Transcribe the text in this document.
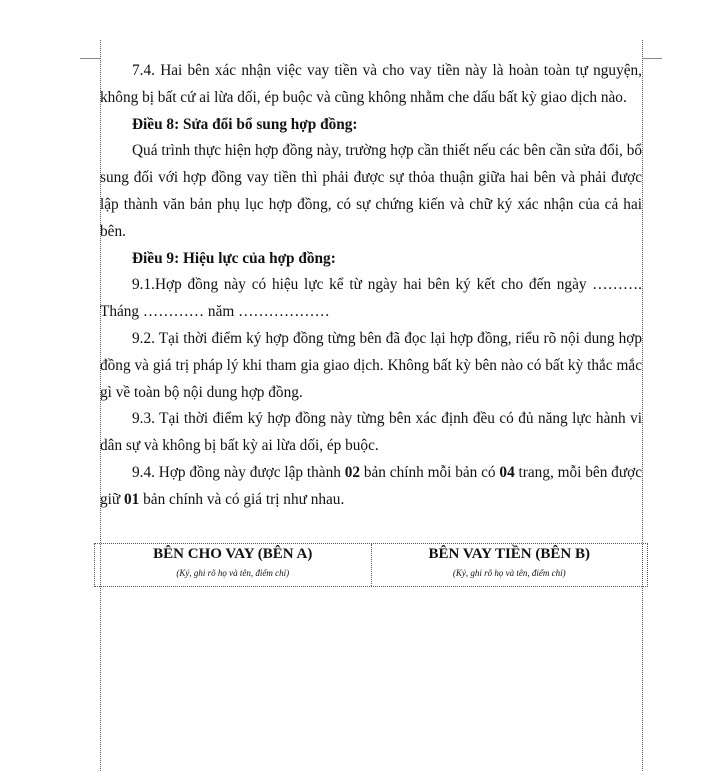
7.4. Hai bên xác nhận việc vay tiền và cho vay tiền này là hoàn toàn tự nguyện, không bị bất cứ ai lừa dối, ép buộc và cũng không nhằm che dấu bất kỳ giao dịch nào.

Điều 8: Sửa đổi bổ sung hợp đồng:

Quá trình thực hiện hợp đồng này, trường hợp cần thiết nếu các bên cần sửa đổi, bổ sung đối với hợp đồng vay tiền thì phải được sự thỏa thuận giữa hai bên và phải được lập thành văn bản phụ lục hợp đồng, có sự chứng kiến và chữ ký xác nhận của cả hai bên.

Điều 9: Hiệu lực của hợp đồng:

9.1.Hợp đồng này có hiệu lực kể từ ngày hai bên ký kết cho đến ngày ………. Tháng ………… năm ………………

9.2. Tại thời điểm ký hợp đồng từng bên đã đọc lại hợp đồng, riểu rõ nội dung hợp đồng và giá trị pháp lý khi tham gia giao dịch. Không bất kỳ bên nào có bất kỳ thắc mắc gì về toàn bộ nội dung hợp đồng.

9.3. Tại thời điểm ký hợp đồng này từng bên xác định đều có đủ năng lực hành vi dân sự và không bị bất kỳ ai lừa dối, ép buộc.

9.4. Hợp đồng này được lập thành 02 bản chính mỗi bản có 04 trang, mỗi bên được giữ 01 bản chính và có giá trị như nhau.

BÊN CHO VAY (BÊN A)
(Ký, ghi rõ họ và tên, điểm chỉ)
BÊN VAY TIỀN (BÊN B)
(Ký, ghi rõ họ và tên, điểm chỉ)
